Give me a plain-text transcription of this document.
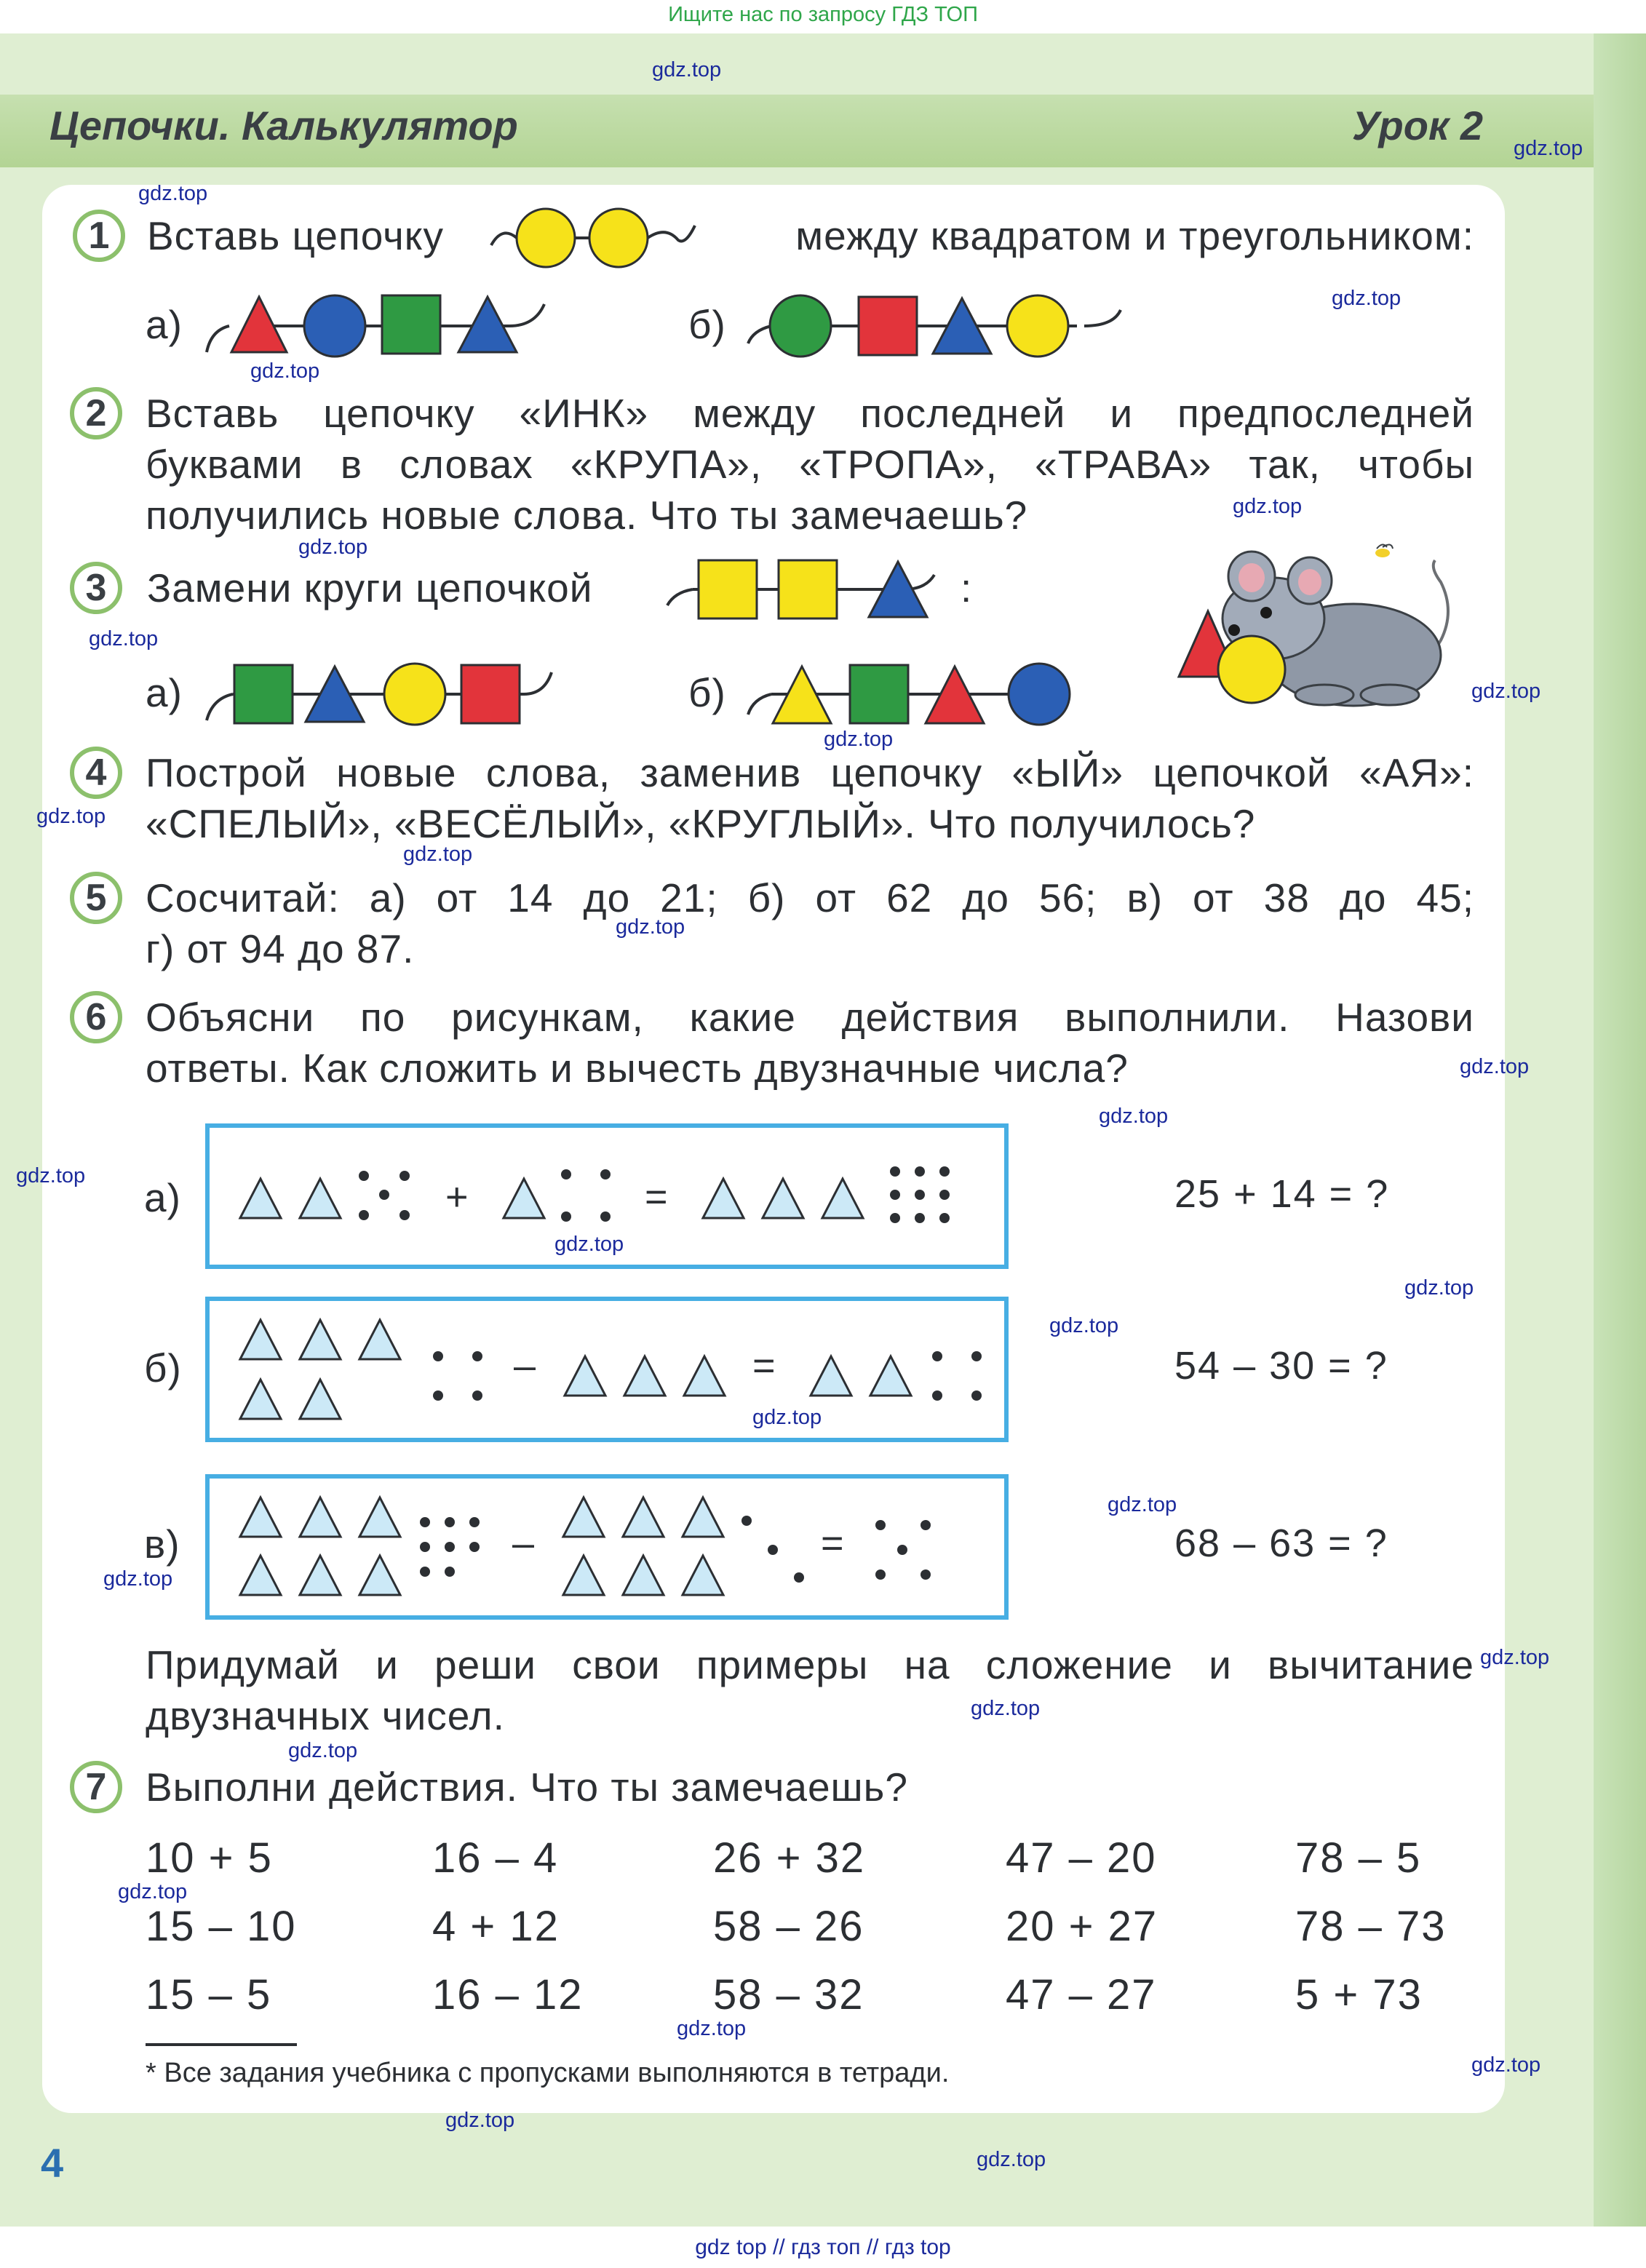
Ищите нас по запросу ГДЗ ТОП
Цепочки. Калькулятор	Урок 2
1 Вставь цепочку	между квадратом и треугольником:
а)	б)
2 Вставь цепочку «ИНК» между последней и предпоследней
буквами в словах «КРУПА», «ТРОПА», «ТРАВА» так, чтобы
получились новые слова. Что ты замечаешь?
3	Замени круги цепочкой	:
а)	б)
4 Построй новые слова, заменив цепочку «ЫЙ» цепочкой «АЯ»:
«СПЕЛЫЙ», «ВЕСЁЛЫЙ», «КРУГЛЫЙ». Что получилось?
5 Сосчитай: а) от 14 до 21; б) от 62 до 56; в) от 38 до 45;
г) от 94 до 87.
6 Объясни по рисункам, какие действия выполнили. Назови
ответы. Как сложить и вычесть двузначные числа?
а)	+	=	25 + 14 = ?
б)	–	=	54 – 30 = ?
в)	–	=	68 – 63 = ?
Придумай и реши свои примеры на сложение и вычитание
двузначных чисел.
7 Выполни действия. Что ты замечаешь?
10 + 5	16 – 4	26 + 32	47 – 20	78 – 5
15 – 10	4 + 12	58 – 26	20 + 27	78 – 73
15 – 5	16 – 12	58 – 32	47 – 27	5 + 73
* Все задания учебника с пропусками выполняются в тетради.
4
gdz.top
gdz.top
gdz.top
gdz.top
gdz.top
gdz.top
gdz.top
gdz.top
gdz.top
gdz.top
gdz.top
gdz.top
gdz.top
gdz.top
gdz.top
gdz.top
gdz.top
gdz.top
gdz.top
gdz.top
gdz.top
gdz.top
gdz.top
gdz.top
gdz.top
gdz.top
gdz.top
gdz.top
gdz.top
gdz.top
gdz top // гдз топ // гдз top
